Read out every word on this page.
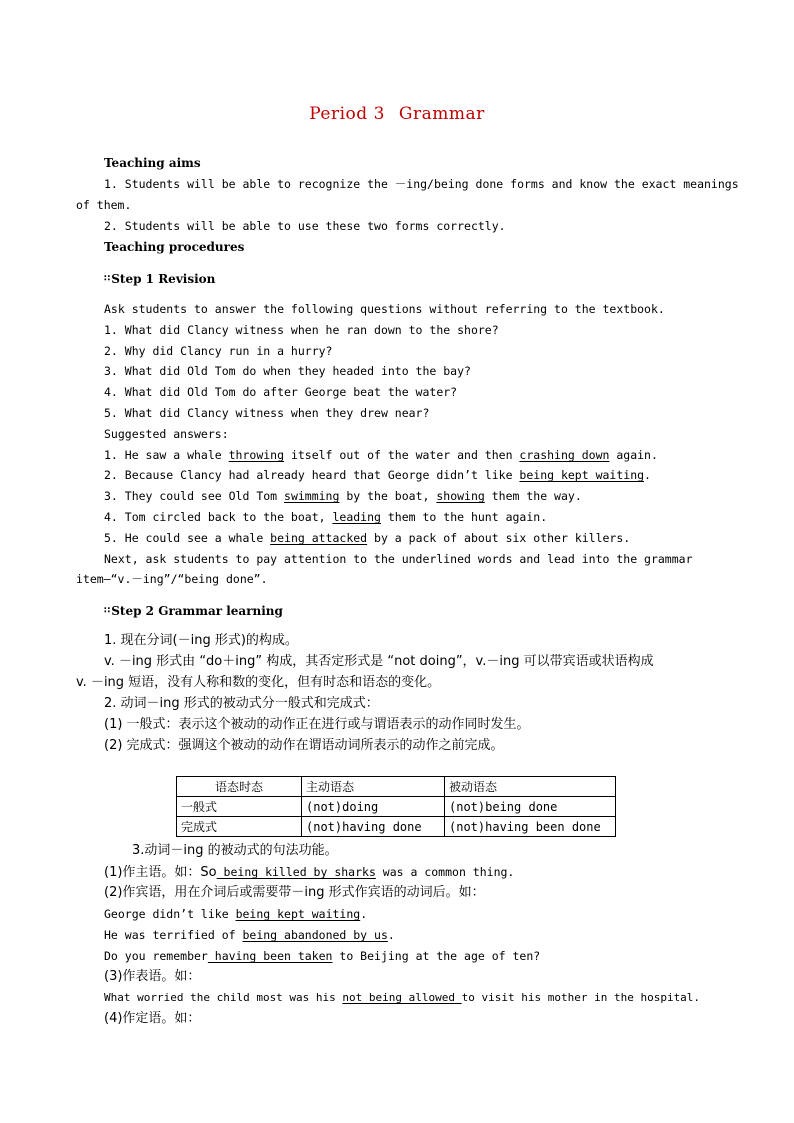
Period 3 Grammar
Teaching aims
1. Students will be able to recognize the －ing/being done forms and know the exact meanings
of them.
2. Students will be able to use these two forms correctly.
Teaching procedures
∷Step 1 Revision
Ask students to answer the following questions without referring to the textbook.
1. What did Clancy witness when he ran down to the shore?
2. Why did Clancy run in a hurry?
3. What did Old Tom do when they headed into the bay?
4. What did Old Tom do after George beat the water?
5. What did Clancy witness when they drew near?
Suggested answers:
1. He saw a whale throwing itself out of the water and then crashing down again.
2. Because Clancy had already heard that George didn’t like being kept waiting.
3. They could see Old Tom swimming by the boat, showing them the way.
4. Tom circled back to the boat, leading them to the hunt again.
5. He could see a whale being attacked by a pack of about six other killers.
Next, ask students to pay attention to the underlined words and lead into the grammar
item—“v.－ing”/“being done”.
∷Step 2 Grammar learning
1. 现在分词(－ing 形式)的构成。
v. －ing 形式由 “do＋ing” 构成，其否定形式是 “not doing”，v.－ing 可以带宾语或状语构成
v. －ing 短语，没有人称和数的变化，但有时态和语态的变化。
2. 动词－ing 形式的被动式分一般式和完成式：
(1) 一般式：表示这个被动的动作正在进行或与谓语表示的动作同时发生。
(2) 完成式：强调这个被动的动作在谓语动词所表示的动作之前完成。
语态时态	主动语态	被动语态
一般式	(not)doing	(not)being done
完成式	(not)having done	(not)having been done
3.动词－ing 的被动式的句法功能。
(1)作主语。如：So being killed by sharks was a common thing.
(2)作宾语，用在介词后或需要带－ing 形式作宾语的动词后。如：
George didn’t like being kept waiting.
He was terrified of being abandoned by us.
Do you remember having been taken to Beijing at the age of ten?
(3)作表语。如：
What worried the child most was his not being allowed to visit his mother in the hospital.
(4)作定语。如：
